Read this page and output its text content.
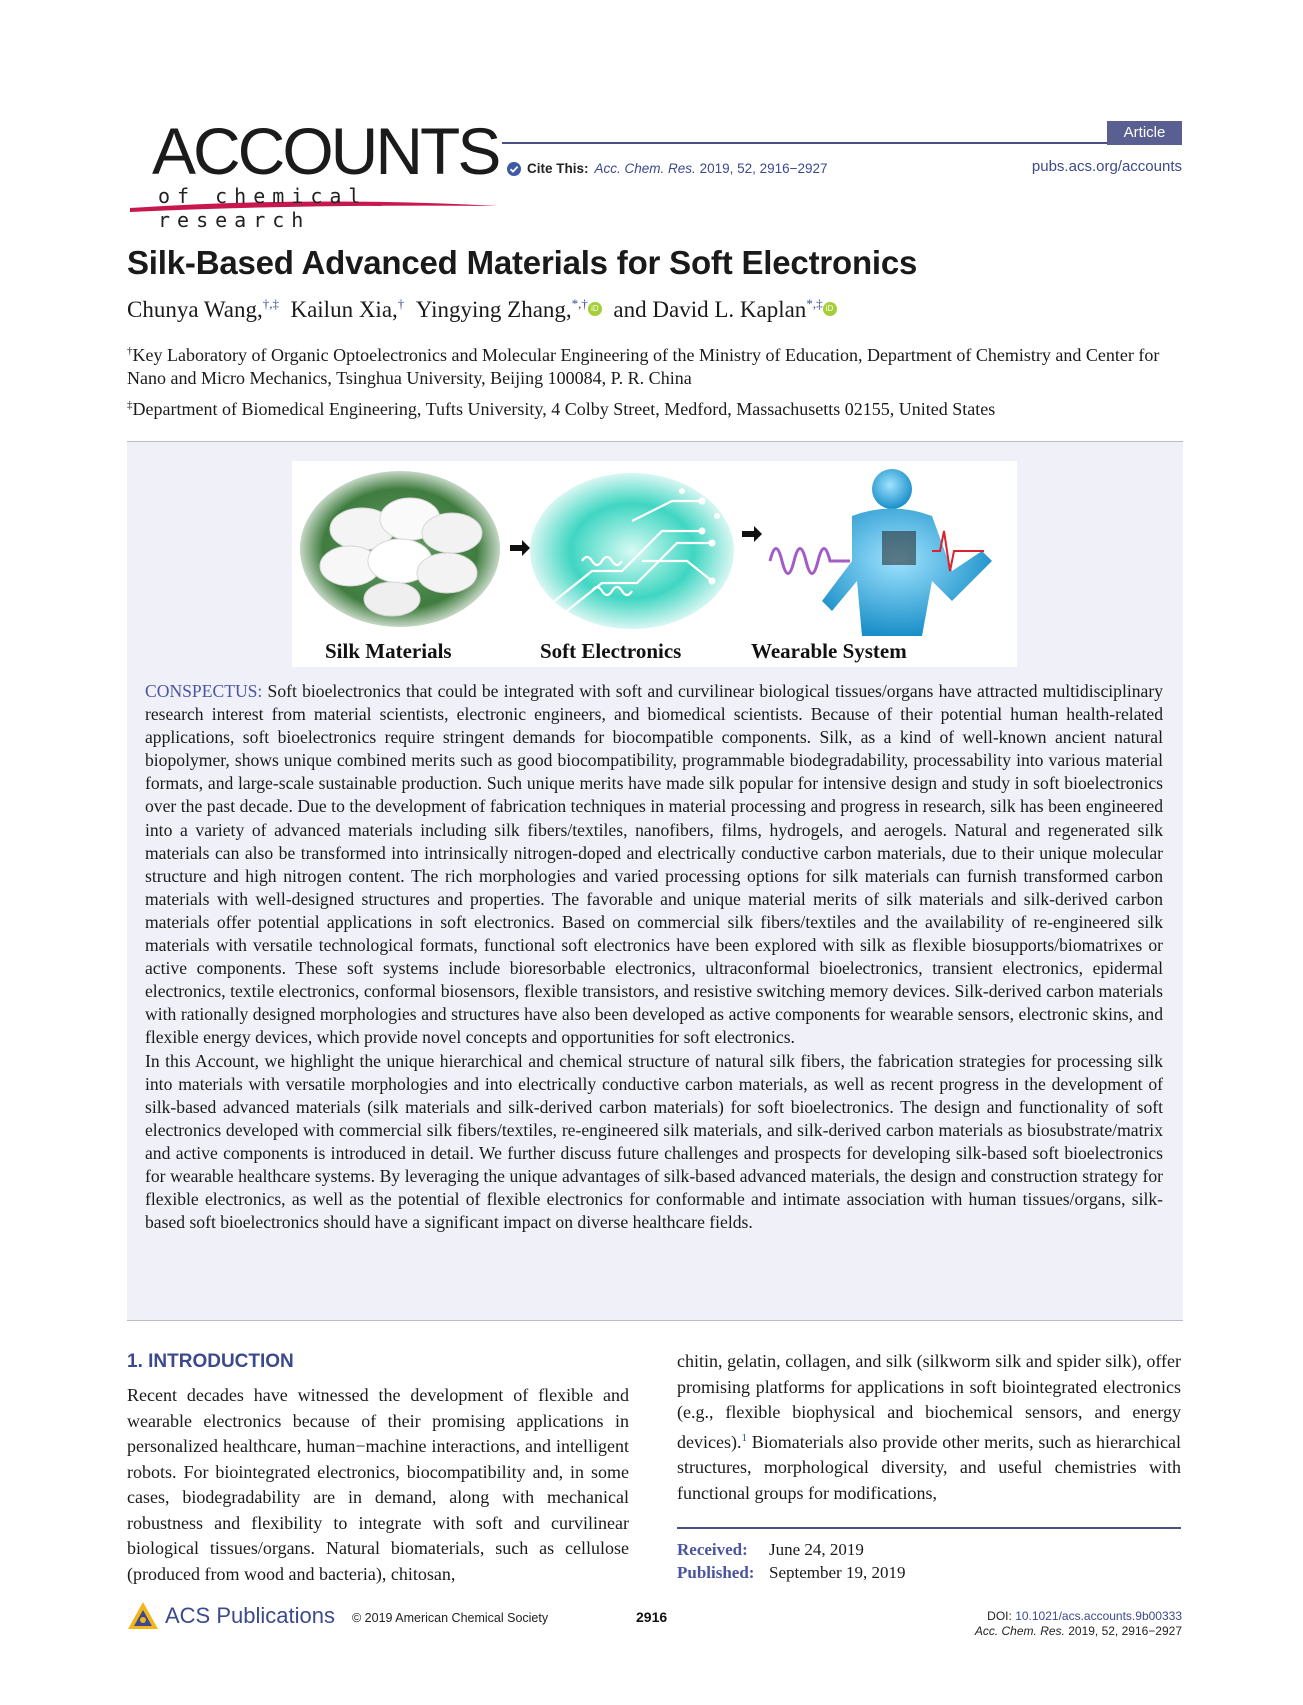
ACCOUNTS
of chemical research
Article
Cite This: Acc. Chem. Res. 2019, 52, 2916−2927	pubs.acs.org/accounts
Silk-Based Advanced Materials for Soft Electronics
Chunya Wang,†,‡ Kailun Xia,† Yingying Zhang,*,† iD and David L. Kaplan*,‡ iD
†Key Laboratory of Organic Optoelectronics and Molecular Engineering of the Ministry of Education, Department of Chemistry and Center for Nano and Micro Mechanics, Tsinghua University, Beijing 100084, P. R. China
‡Department of Biomedical Engineering, Tufts University, 4 Colby Street, Medford, Massachusetts 02155, United States
Silk Materials	Soft Electronics	Wearable System

CONSPECTUS: Soft bioelectronics that could be integrated with soft and curvilinear biological tissues/organs have attracted multidisciplinary research interest from material scientists, electronic engineers, and biomedical scientists. Because of their potential human health-related applications, soft bioelectronics require stringent demands for biocompatible components. Silk, as a kind of well-known ancient natural biopolymer, shows unique combined merits such as good biocompatibility, programmable biodegradability, processability into various material formats, and large-scale sustainable production. Such unique merits have made silk popular for intensive design and study in soft bioelectronics over the past decade. Due to the development of fabrication techniques in material processing and progress in research, silk has been engineered into a variety of advanced materials including silk fibers/textiles, nanofibers, films, hydrogels, and aerogels. Natural and regenerated silk materials can also be transformed into intrinsically nitrogen-doped and electrically conductive carbon materials, due to their unique molecular structure and high nitrogen content. The rich morphologies and varied processing options for silk materials can furnish transformed carbon materials with well-designed structures and properties. The favorable and unique material merits of silk materials and silk-derived carbon materials offer potential applications in soft electronics. Based on commercial silk fibers/textiles and the availability of re-engineered silk materials with versatile technological formats, functional soft electronics have been explored with silk as flexible biosupports/biomatrixes or active components. These soft systems include bioresorbable electronics, ultraconformal bioelectronics, transient electronics, epidermal electronics, textile electronics, conformal biosensors, flexible transistors, and resistive switching memory devices. Silk-derived carbon materials with rationally designed morphologies and structures have also been developed as active components for wearable sensors, electronic skins, and flexible energy devices, which provide novel concepts and opportunities for soft electronics.

In this Account, we highlight the unique hierarchical and chemical structure of natural silk fibers, the fabrication strategies for processing silk into materials with versatile morphologies and into electrically conductive carbon materials, as well as recent progress in the development of silk-based advanced materials (silk materials and silk-derived carbon materials) for soft bioelectronics. The design and functionality of soft electronics developed with commercial silk fibers/textiles, re-engineered silk materials, and silk-derived carbon materials as biosubstrate/matrix and active components is introduced in detail. We further discuss future challenges and prospects for developing silk-based soft bioelectronics for wearable healthcare systems. By leveraging the unique advantages of silk-based advanced materials, the design and construction strategy for flexible electronics, as well as the potential of flexible electronics for conformable and intimate association with human tissues/organs, silk-based soft bioelectronics should have a significant impact on diverse healthcare fields.

1. INTRODUCTION
Recent decades have witnessed the development of flexible and wearable electronics because of their promising applications in personalized healthcare, human−machine interactions, and intelligent robots. For biointegrated electronics, biocompatibility and, in some cases, biodegradability are in demand, along with mechanical robustness and flexibility to integrate with soft and curvilinear biological tissues/organs. Natural biomaterials, such as cellulose (produced from wood and bacteria), chitosan,
chitin, gelatin, collagen, and silk (silkworm silk and spider silk), offer promising platforms for applications in soft biointegrated electronics (e.g., flexible biophysical and biochemical sensors, and energy devices).$^1$ Biomaterials also provide other merits, such as hierarchical structures, morphological diversity, and useful chemistries with functional groups for modifications,
Received: June 24, 2019
Published: September 19, 2019
ACS Publications © 2019 American Chemical Society	2916	DOI: 10.1021/acs.accounts.9b00333
Acc. Chem. Res. 2019, 52, 2916−2927
